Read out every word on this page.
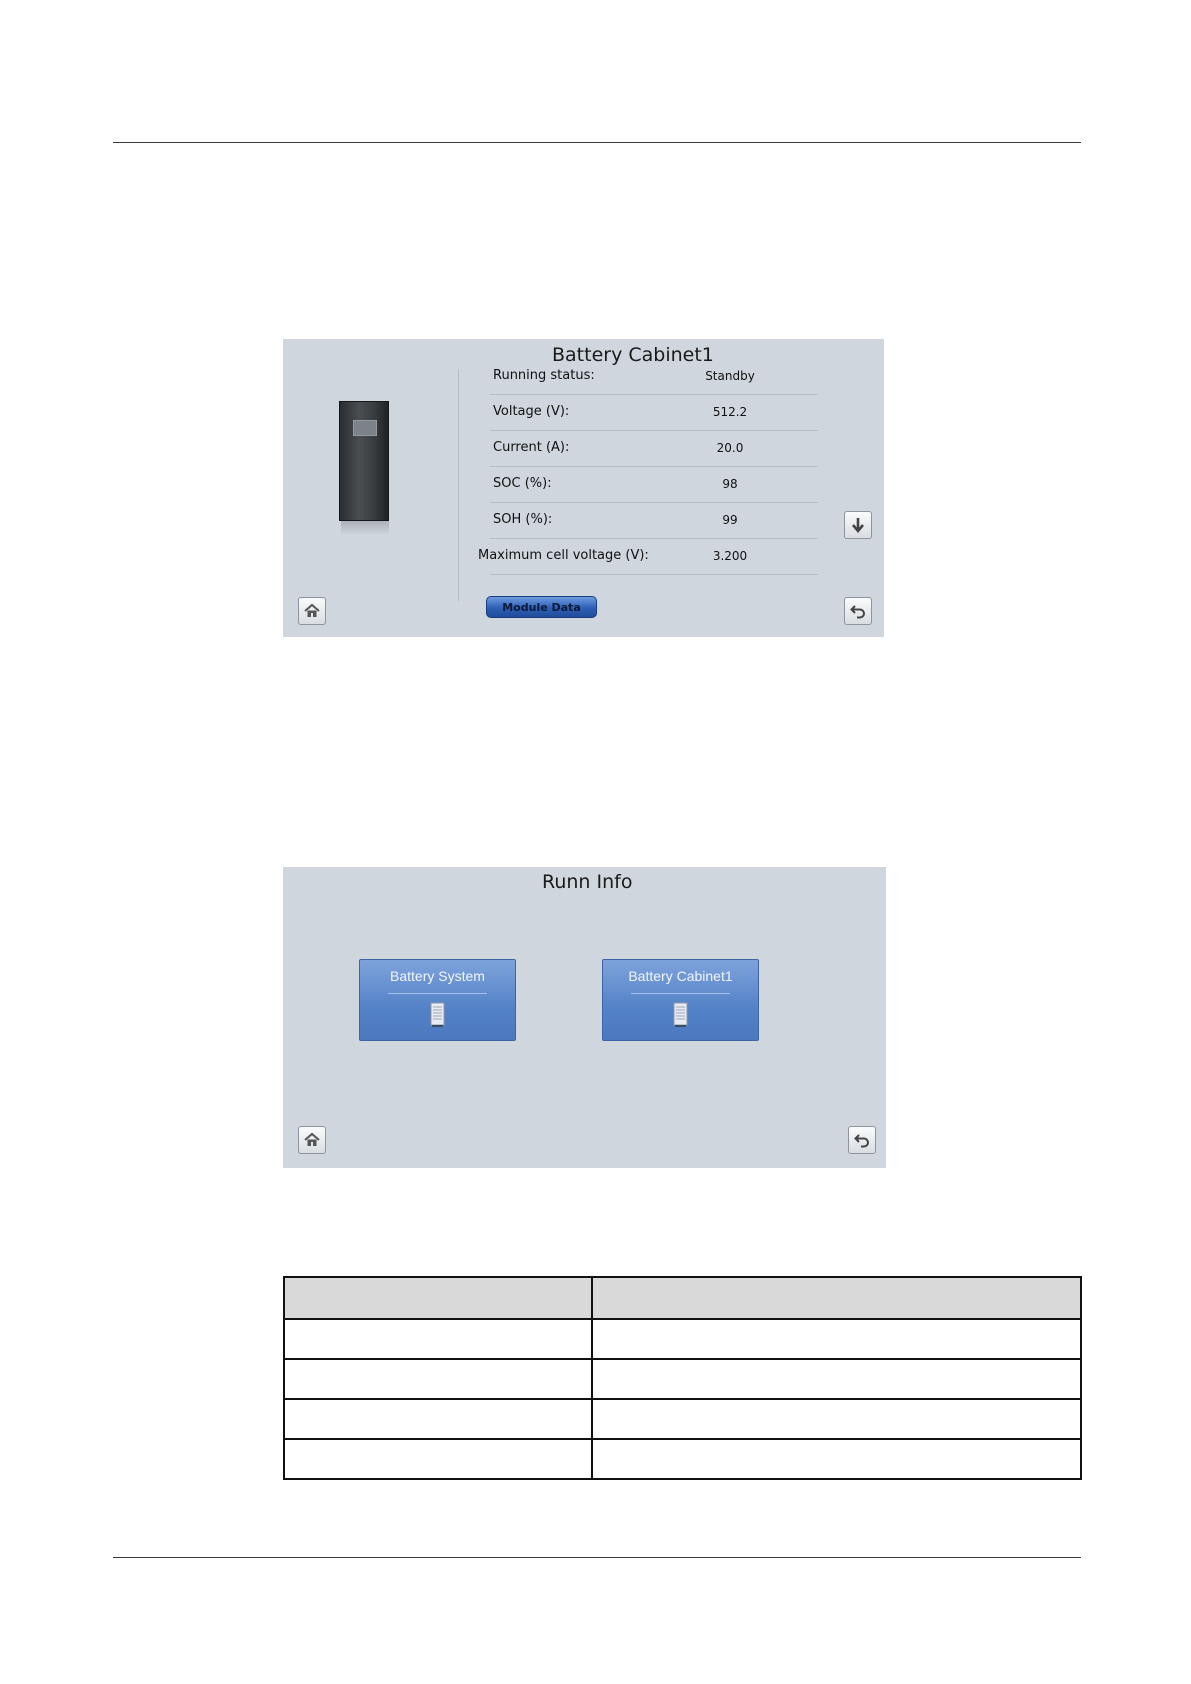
Battery Cabinet1
Running status:	Standby
Voltage (V):	512.2
Current (A):	20.0
SOC (%):	98
SOH (%):	99
Maximum cell voltage (V):	3.200
Module Data
Runn Info
Battery System	Battery Cabinet1
